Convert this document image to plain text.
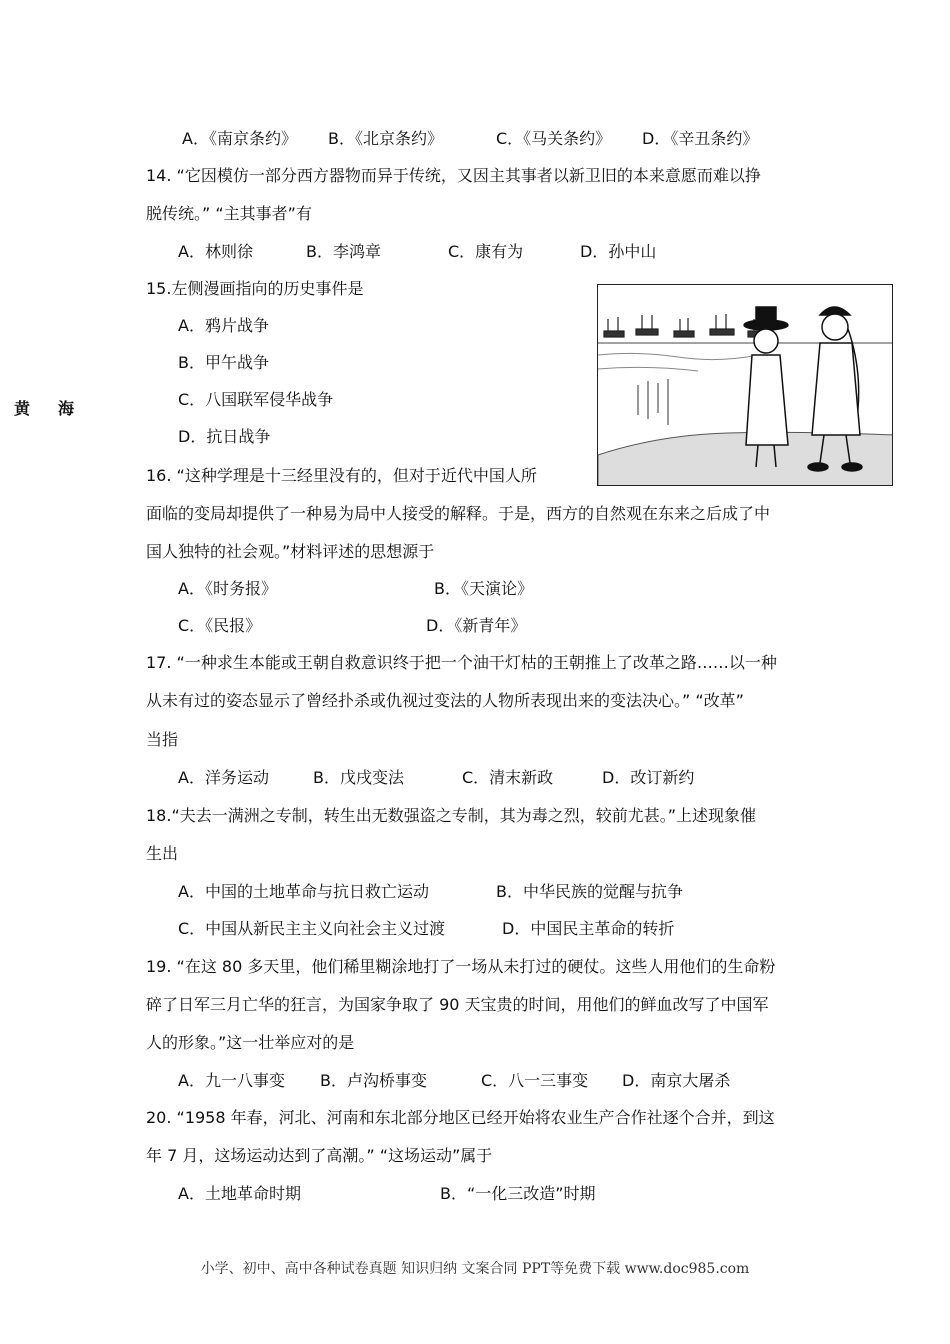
A．《南京条约》 B．《北京条约》	C．《马关条约》 D．《辛丑条约》
14. “它因模仿一部分西方器物而异于传统，又因主其事者以新卫旧的本来意愿而难以挣
脱传统。” “主其事者”有
A．林则徐	B．李鸿章	C．康有为	D．孙中山
15.左侧漫画指向的历史事件是
A．鸦片战争
B．甲午战争
C．八国联军侵华战争
D．抗日战争
黄海
16. “这种学理是十三经里没有的，但对于近代中国人所
面临的变局却提供了一种易为局中人接受的解释。于是，西方的自然观在东来之后成了中
国人独特的社会观。”材料评述的思想源于
A．《时务报》	B．《天演论》
C．《民报》	D．《新青年》
17. “一种求生本能或王朝自救意识终于把一个油干灯枯的王朝推上了改革之路……以一种
从未有过的姿态显示了曾经扑杀或仇视过变法的人物所表现出来的变法决心。” “改革”
当指
A．洋务运动	B．戊戌变法	C．清末新政	D．改订新约
18.“夫去一满洲之专制，转生出无数强盗之专制，其为毒之烈，较前尤甚。”上述现象催
生出
A．中国的土地革命与抗日救亡运动	B．中华民族的觉醒与抗争
C．中国从新民主主义向社会主义过渡	D．中国民主革命的转折
19. “在这 80 多天里，他们稀里糊涂地打了一场从未打过的硬仗。这些人用他们的生命粉
碎了日军三月亡华的狂言，为国家争取了 90 天宝贵的时间，用他们的鲜血改写了中国军
人的形象。”这一壮举应对的是
A．九一八事变 B．卢沟桥事变	C．八一三事变 D．南京大屠杀
20. “1958 年春，河北、河南和东北部分地区已经开始将农业生产合作社逐个合并，到这
年 7 月，这场运动达到了高潮。” “这场运动”属于
A．土地革命时期	B．“一化三改造”时期
小学、初中、高中各种试卷真题 知识归纳 文案合同 PPT等免费下载 www.doc985.com
